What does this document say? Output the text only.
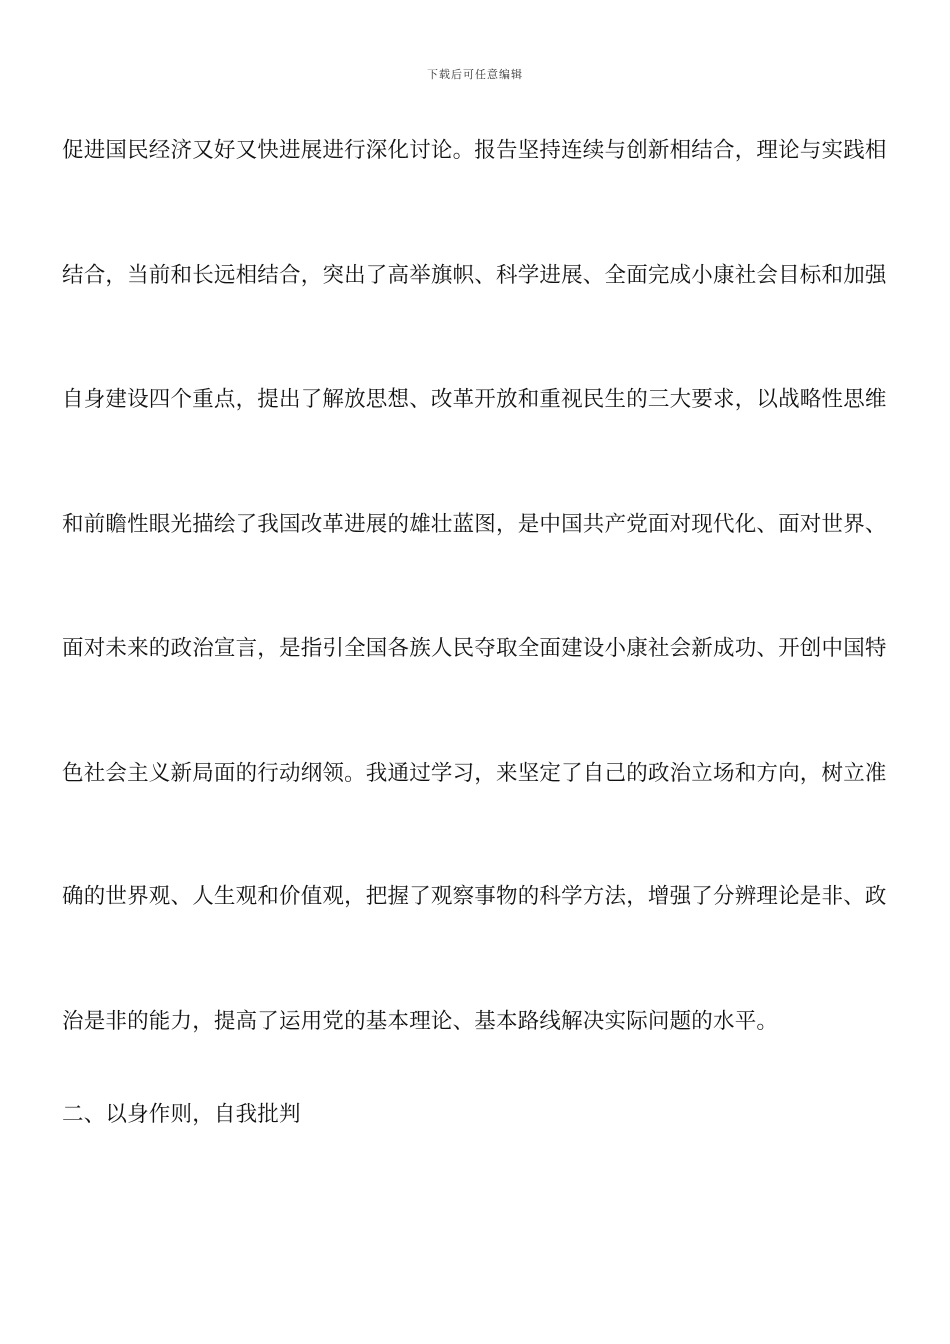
下载后可任意编辑
促进国民经济又好又快进展进行深化讨论。报告坚持连续与创新相结合，理论与实践相
结合，当前和长远相结合，突出了高举旗帜、科学进展、全面完成小康社会目标和加强
自身建设四个重点，提出了解放思想、改革开放和重视民生的三大要求，以战略性思维
和前瞻性眼光描绘了我国改革进展的雄壮蓝图，是中国共产党面对现代化、面对世界、
面对未来的政治宣言，是指引全国各族人民夺取全面建设小康社会新成功、开创中国特
色社会主义新局面的行动纲领。我通过学习，来坚定了自己的政治立场和方向，树立准
确的世界观、人生观和价值观，把握了观察事物的科学方法，增强了分辨理论是非、政
治是非的能力，提高了运用党的基本理论、基本路线解决实际问题的水平。
二、以身作则，自我批判
